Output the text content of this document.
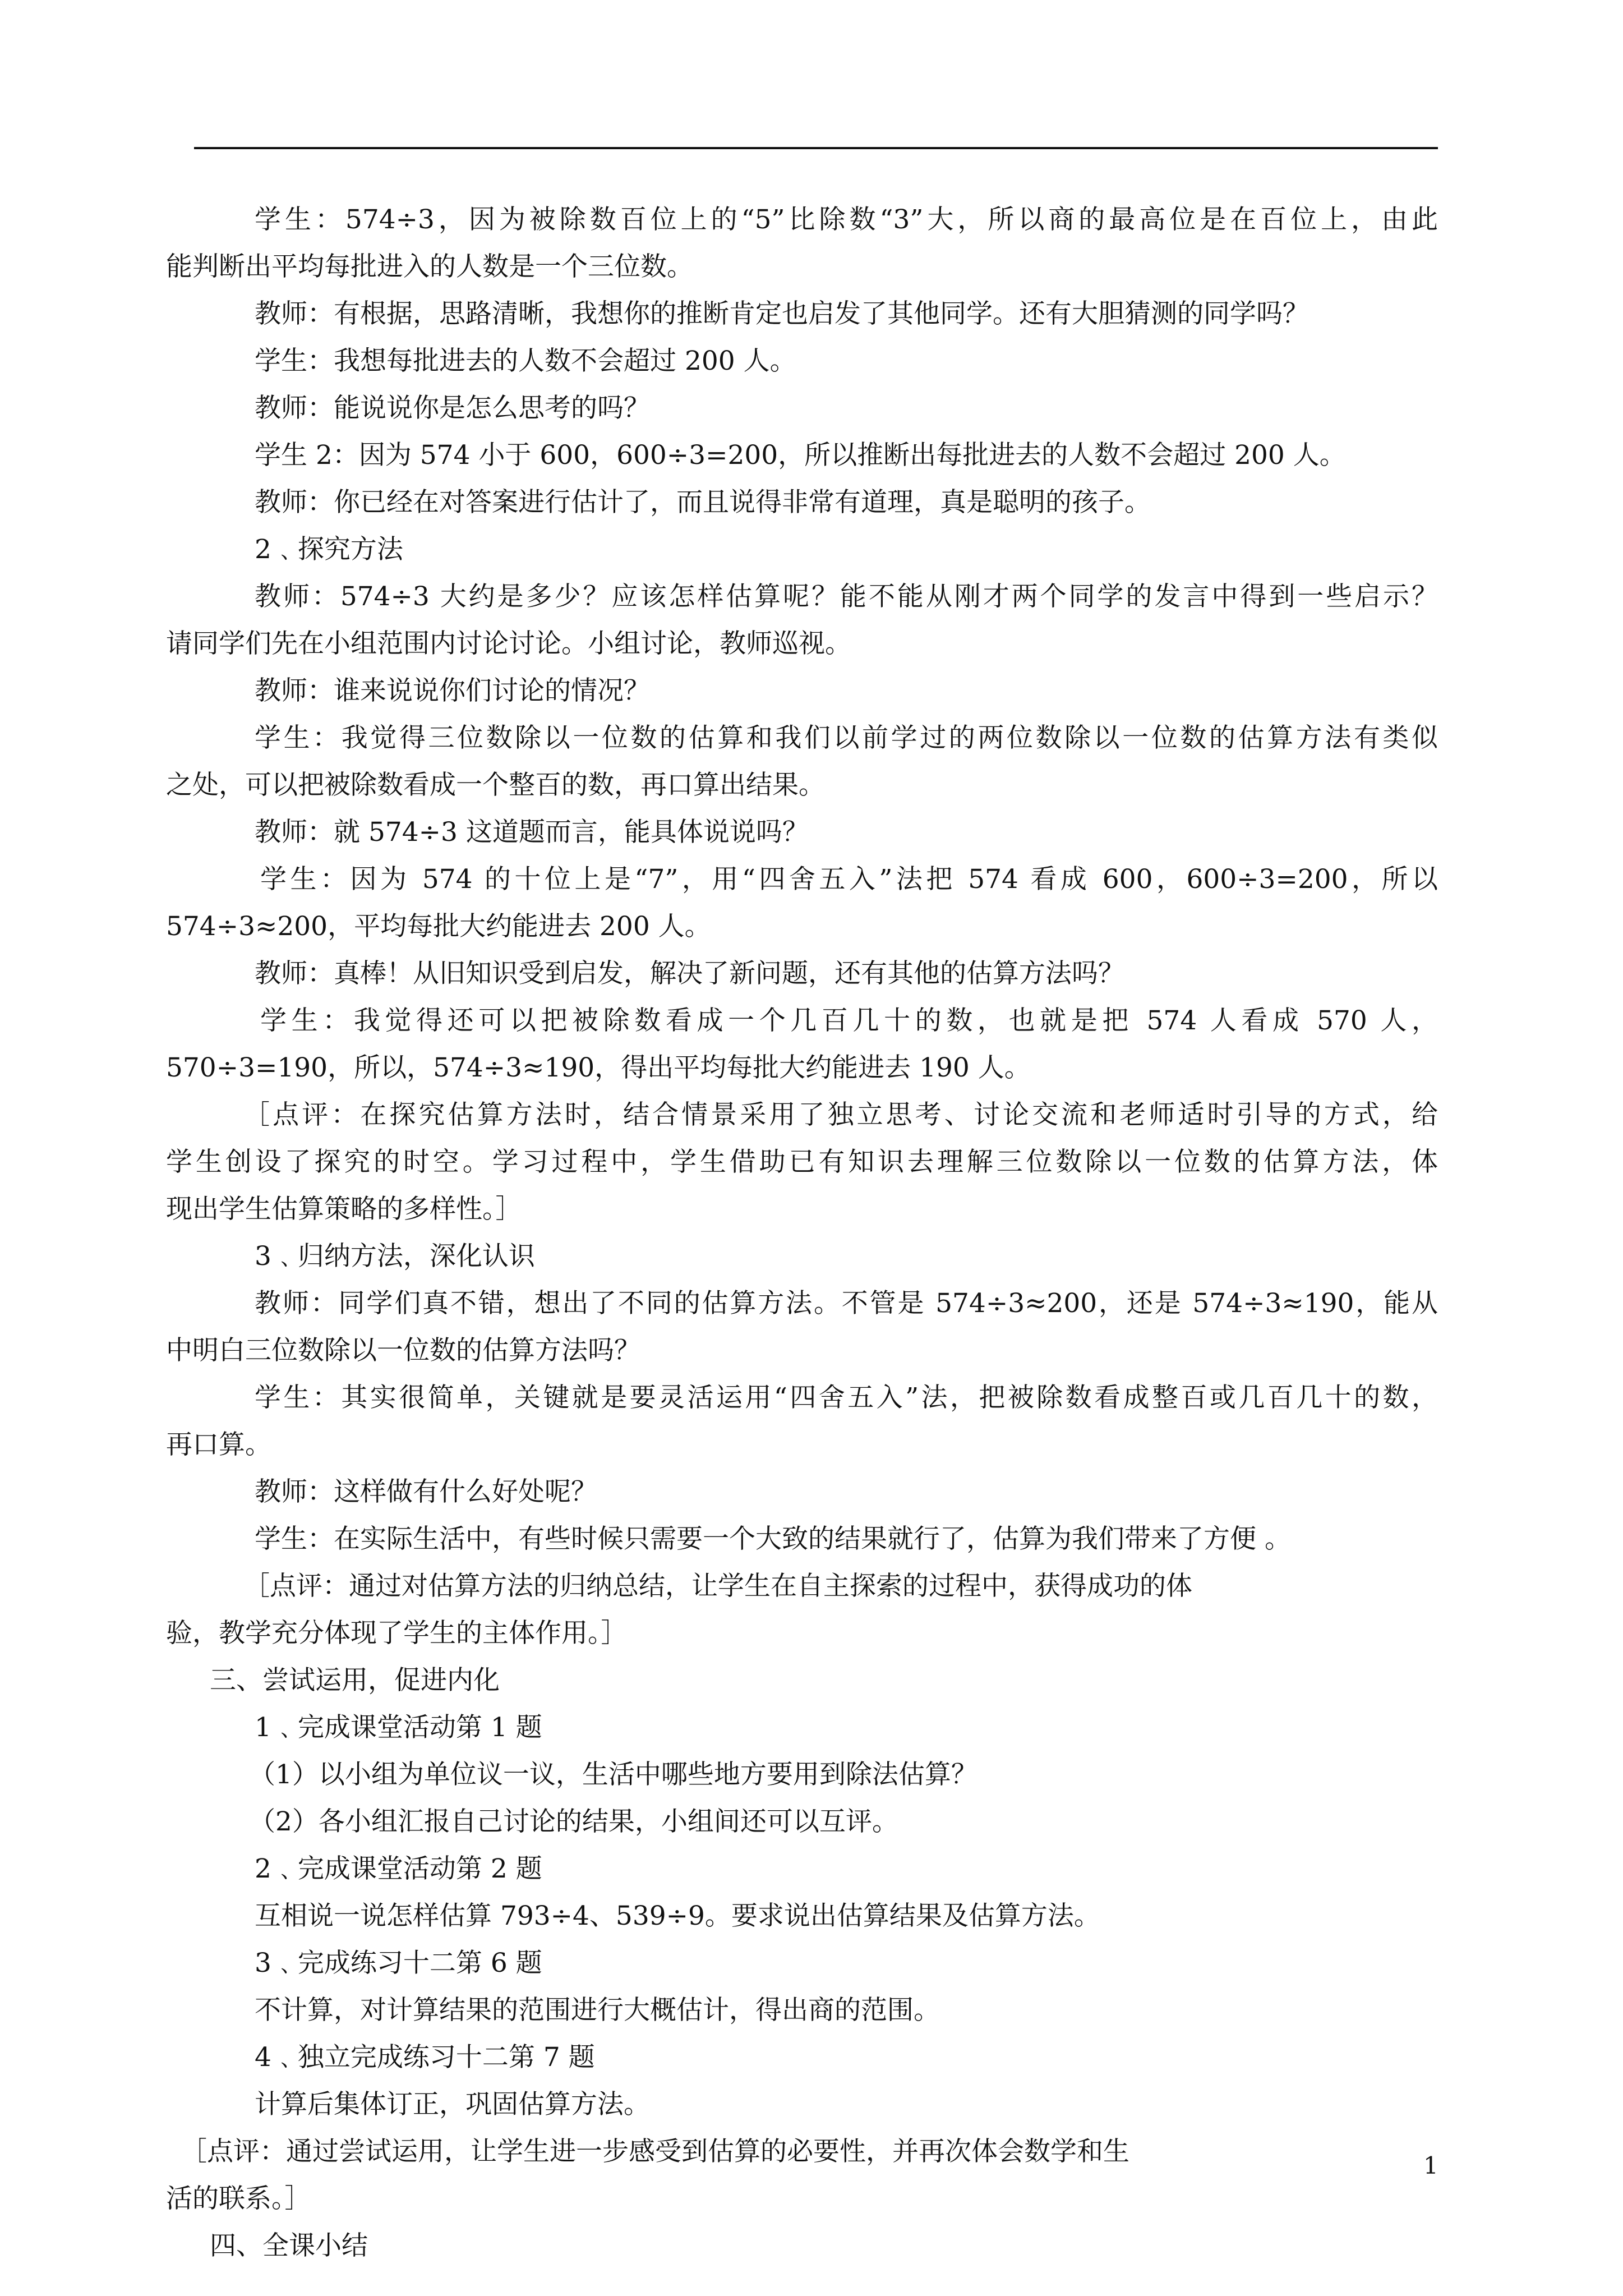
学生：574÷3，因为被除数百位上的“5”比除数“3”大，所以商的最高位是在百位上，由此
能判断出平均每批进入的人数是一个三位数。
教师：有根据，思路清晰，我想你的推断肯定也启发了其他同学。还有大胆猜测的同学吗？
学生：我想每批进去的人数不会超过 200 人。
教师：能说说你是怎么思考的吗？
学生 2：因为 574 小于 600，600÷3=200，所以推断出每批进去的人数不会超过 200 人。
教师：你已经在对答案进行估计了，而且说得非常有道理，真是聪明的孩子。
2﹑探究方法
教师：574÷3 大约是多少？应该怎样估算呢？能不能从刚才两个同学的发言中得到一些启示？
请同学们先在小组范围内讨论讨论。小组讨论，教师巡视。
教师：谁来说说你们讨论的情况？
学生：我觉得三位数除以一位数的估算和我们以前学过的两位数除以一位数的估算方法有类似
之处，可以把被除数看成一个整百的数，再口算出结果。
教师：就 574÷3 这道题而言，能具体说说吗？
学生：因为 574 的十位上是“7”，用“四舍五入”法把 574 看成 600，600÷3=200，所以
574÷3≈200，平均每批大约能进去 200 人。
教师：真棒！从旧知识受到启发，解决了新问题，还有其他的估算方法吗？
学生：我觉得还可以把被除数看成一个几百几十的数，也就是把 574 人看成 570 人，
570÷3=190，所以，574÷3≈190，得出平均每批大约能进去 190 人。
［点评：在探究估算方法时，结合情景采用了独立思考、讨论交流和老师适时引导的方式，给
学生创设了探究的时空。学习过程中，学生借助已有知识去理解三位数除以一位数的估算方法，体
现出学生估算策略的多样性。］
3﹑归纳方法，深化认识
教师：同学们真不错，想出了不同的估算方法。不管是 574÷3≈200，还是 574÷3≈190，能从
中明白三位数除以一位数的估算方法吗？
学生：其实很简单，关键就是要灵活运用“四舍五入”法，把被除数看成整百或几百几十的数，
再口算。
教师：这样做有什么好处呢？
学生：在实际生活中，有些时候只需要一个大致的结果就行了，估算为我们带来了方便 。
［点评：通过对估算方法的归纳总结，让学生在自主探索的过程中，获得成功的体
验，教学充分体现了学生的主体作用。］
三、尝试运用，促进内化
1﹑完成课堂活动第 1 题
（1）以小组为单位议一议，生活中哪些地方要用到除法估算？
（2）各小组汇报自己讨论的结果，小组间还可以互评。
2﹑完成课堂活动第 2 题
互相说一说怎样估算 793÷4、539÷9。要求说出估算结果及估算方法。
3﹑完成练习十二第 6 题
不计算，对计算结果的范围进行大概估计，得出商的范围。
4﹑独立完成练习十二第 7 题
计算后集体订正，巩固估算方法。
［点评：通过尝试运用，让学生进一步感受到估算的必要性，并再次体会数学和生
活的联系。］
四、全课小结
1
